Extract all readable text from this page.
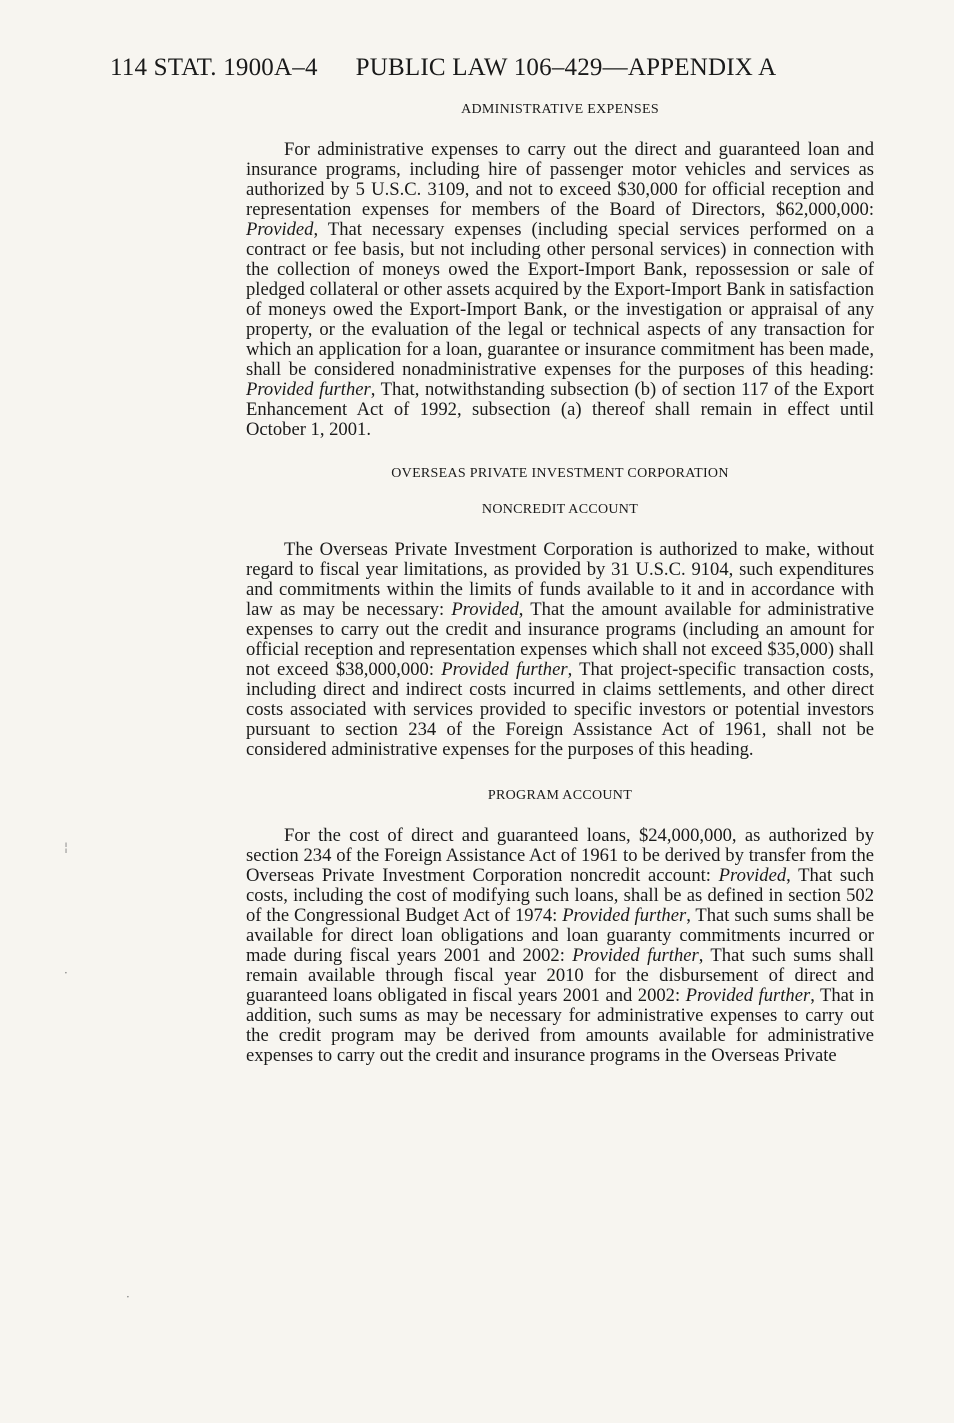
114 STAT. 1900A–4 PUBLIC LAW 106–429—APPENDIX A

ADMINISTRATIVE EXPENSES

For administrative expenses to carry out the direct and guaranteed loan and insurance programs, including hire of passenger motor vehicles and services as authorized by 5 U.S.C. 3109, and not to exceed $30,000 for official reception and representation expenses for members of the Board of Directors, $62,000,000: Provided, That necessary expenses (including special services performed on a contract or fee basis, but not including other personal services) in connection with the collection of moneys owed the Export-Import Bank, repossession or sale of pledged collateral or other assets acquired by the Export-Import Bank in satisfaction of moneys owed the Export-Import Bank, or the investigation or appraisal of any property, or the evaluation of the legal or technical aspects of any transaction for which an application for a loan, guarantee or insurance commitment has been made, shall be considered nonadministrative expenses for the purposes of this heading: Provided further, That, notwithstanding subsection (b) of section 117 of the Export Enhancement Act of 1992, subsection (a) thereof shall remain in effect until October 1, 2001.

OVERSEAS PRIVATE INVESTMENT CORPORATION

NONCREDIT ACCOUNT

The Overseas Private Investment Corporation is authorized to make, without regard to fiscal year limitations, as provided by 31 U.S.C. 9104, such expenditures and commitments within the limits of funds available to it and in accordance with law as may be necessary: Provided, That the amount available for administrative expenses to carry out the credit and insurance programs (including an amount for official reception and representation expenses which shall not exceed $35,000) shall not exceed $38,000,000: Provided further, That project-specific transaction costs, including direct and indirect costs incurred in claims settlements, and other direct costs associated with services provided to specific investors or potential investors pursuant to section 234 of the Foreign Assistance Act of 1961, shall not be considered administrative expenses for the purposes of this heading.

PROGRAM ACCOUNT

For the cost of direct and guaranteed loans, $24,000,000, as authorized by section 234 of the Foreign Assistance Act of 1961 to be derived by transfer from the Overseas Private Investment Corporation noncredit account: Provided, That such costs, including the cost of modifying such loans, shall be as defined in section 502 of the Congressional Budget Act of 1974: Provided further, That such sums shall be available for direct loan obligations and loan guaranty commitments incurred or made during fiscal years 2001 and 2002: Provided further, That such sums shall remain available through fiscal year 2010 for the disbursement of direct and guaranteed loans obligated in fiscal years 2001 and 2002: Provided further, That in addition, such sums as may be necessary for administrative expenses to carry out the credit program may be derived from amounts available for administrative expenses to carry out the credit and insurance programs in the Overseas Private

¦
·
·
